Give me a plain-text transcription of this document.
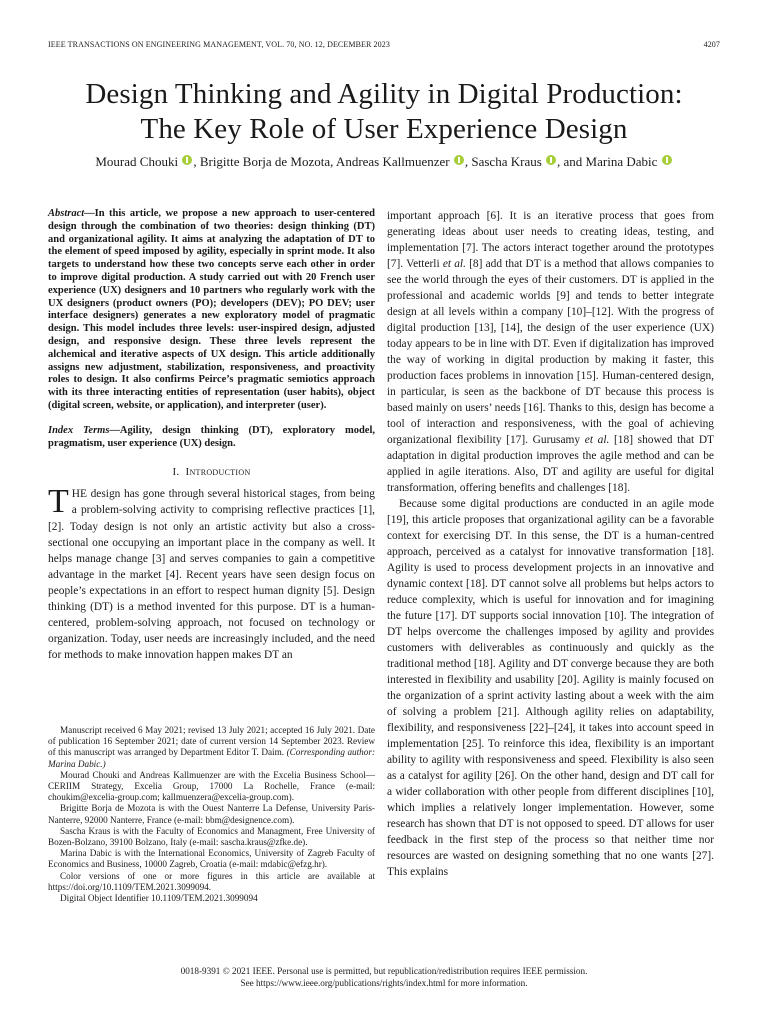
IEEE TRANSACTIONS ON ENGINEERING MANAGEMENT, VOL. 70, NO. 12, DECEMBER 2023	4207
Design Thinking and Agility in Digital Production:
The Key Role of User Experience Design
Mourad Chouki , Brigitte Borja de Mozota, Andreas Kallmuenzer , Sascha Kraus , and Marina Dabic

Abstract—In this article, we propose a new approach to user-centered design through the combination of two theories: design thinking (DT) and organizational agility. It aims at analyzing the adaptation of DT to the element of speed imposed by agility, especially in sprint mode. It also targets to understand how these two concepts serve each other in order to improve digital production. A study carried out with 20 French user experience (UX) designers and 10 partners who regularly work with the UX designers (product owners (PO); developers (DEV); PO DEV; user interface designers) generates a new exploratory model of pragmatic design. This model includes three levels: user-inspired design, adjusted design, and responsive design. These three levels represent the alchemical and iterative aspects of UX design. This article additionally assigns new adjustment, stabilization, responsiveness, and proactivity roles to design. It also confirms Peirce’s pragmatic semiotics approach with its three interacting entities of representation (user habits), object (digital screen, website, or application), and interpreter (user).

Index Terms—Agility, design thinking (DT), exploratory model, pragmatism, user experience (UX) design.

I. Introduction

THE design has gone through several historical stages, from being a problem-solving activity to comprising reflective practices [1], [2]. Today design is not only an artistic activity but also a cross-sectional one occupying an important place in the company as well. It helps manage change [3] and serves companies to gain a competitive advantage in the market [4]. Recent years have seen design focus on people’s expectations in an effort to respect human dignity [5]. Design thinking (DT) is a method invented for this purpose. DT is a human-centered, problem-solving approach, not focused on technology or organization. Today, user needs are increasingly included, and the need for methods to make innovation happen makes DT an

Manuscript received 6 May 2021; revised 13 July 2021; accepted 16 July 2021. Date of publication 16 September 2021; date of current version 14 September 2023. Review of this manuscript was arranged by Department Editor T. Daim. (Corresponding author: Marina Dabic.)

Mourad Chouki and Andreas Kallmuenzer are with the Excelia Business School—CERIIM Strategy, Excelia Group, 17000 La Rochelle, France (e-mail: choukim@excelia-group.com; kallmuenzera@excelia-group.com).

Brigitte Borja de Mozota is with the Ouest Nanterre La Defense, University Paris-Nanterre, 92000 Nanterre, France (e-mail: bbm@designence.com).

Sascha Kraus is with the Faculty of Economics and Managment, Free University of Bozen-Bolzano, 39100 Bolzano, Italy (e-mail: sascha.kraus@zfke.de).

Marina Dabic is with the International Economics, University of Zagreb Faculty of Economics and Business, 10000 Zagreb, Croatia (e-mail: mdabic@efzg.hr).

Color versions of one or more figures in this article are available at https://doi.org/10.1109/TEM.2021.3099094.

Digital Object Identifier 10.1109/TEM.2021.3099094

important approach [6]. It is an iterative process that goes from generating ideas about user needs to creating ideas, testing, and implementation [7]. The actors interact together around the prototypes [7]. Vetterli et al. [8] add that DT is a method that allows companies to see the world through the eyes of their customers. DT is applied in the professional and academic worlds [9] and tends to better integrate design at all levels within a company [10]–[12]. With the progress of digital production [13], [14], the design of the user experience (UX) today appears to be in line with DT. Even if digitalization has improved the way of working in digital production by making it faster, this production faces problems in innovation [15]. Human-centered design, in particular, is seen as the backbone of DT because this process is based mainly on users’ needs [16]. Thanks to this, design has become a tool of interaction and responsiveness, with the goal of achieving organizational flexibility [17]. Gurusamy et al. [18] showed that DT adaptation in digital production improves the agile method and can be applied in agile iterations. Also, DT and agility are useful for digital transformation, offering benefits and challenges [18].

Because some digital productions are conducted in an agile mode [19], this article proposes that organizational agility can be a favorable context for exercising DT. In this sense, the DT is a human-centred approach, perceived as a catalyst for innovative transformation [18]. Agility is used to process development projects in an innovative and dynamic context [18]. DT cannot solve all problems but helps actors to reduce complexity, which is useful for innovation and for imagining the future [17]. DT supports social innovation [10]. The integration of DT helps overcome the challenges imposed by agility and provides customers with deliverables as continuously and quickly as the traditional method [18]. Agility and DT converge because they are both interested in flexibility and usability [20]. Agility is mainly focused on the organization of a sprint activity lasting about a week with the aim of solving a problem [21]. Although agility relies on adaptability, flexibility, and responsiveness [22]–[24], it takes into account speed in implementation [25]. To reinforce this idea, flexibility is an important ability to agility with responsiveness and speed. Flexibility is also seen as a catalyst for agility [26]. On the other hand, design and DT call for a wider collaboration with other people from different disciplines [10], which implies a relatively longer implementation. However, some research has shown that DT is not opposed to speed. DT allows for user feedback in the first step of the process so that neither time nor resources are wasted on designing something that no one wants [27]. This explains

0018-9391 © 2021 IEEE. Personal use is permitted, but republication/redistribution requires IEEE permission.
See https://www.ieee.org/publications/rights/index.html for more information.
